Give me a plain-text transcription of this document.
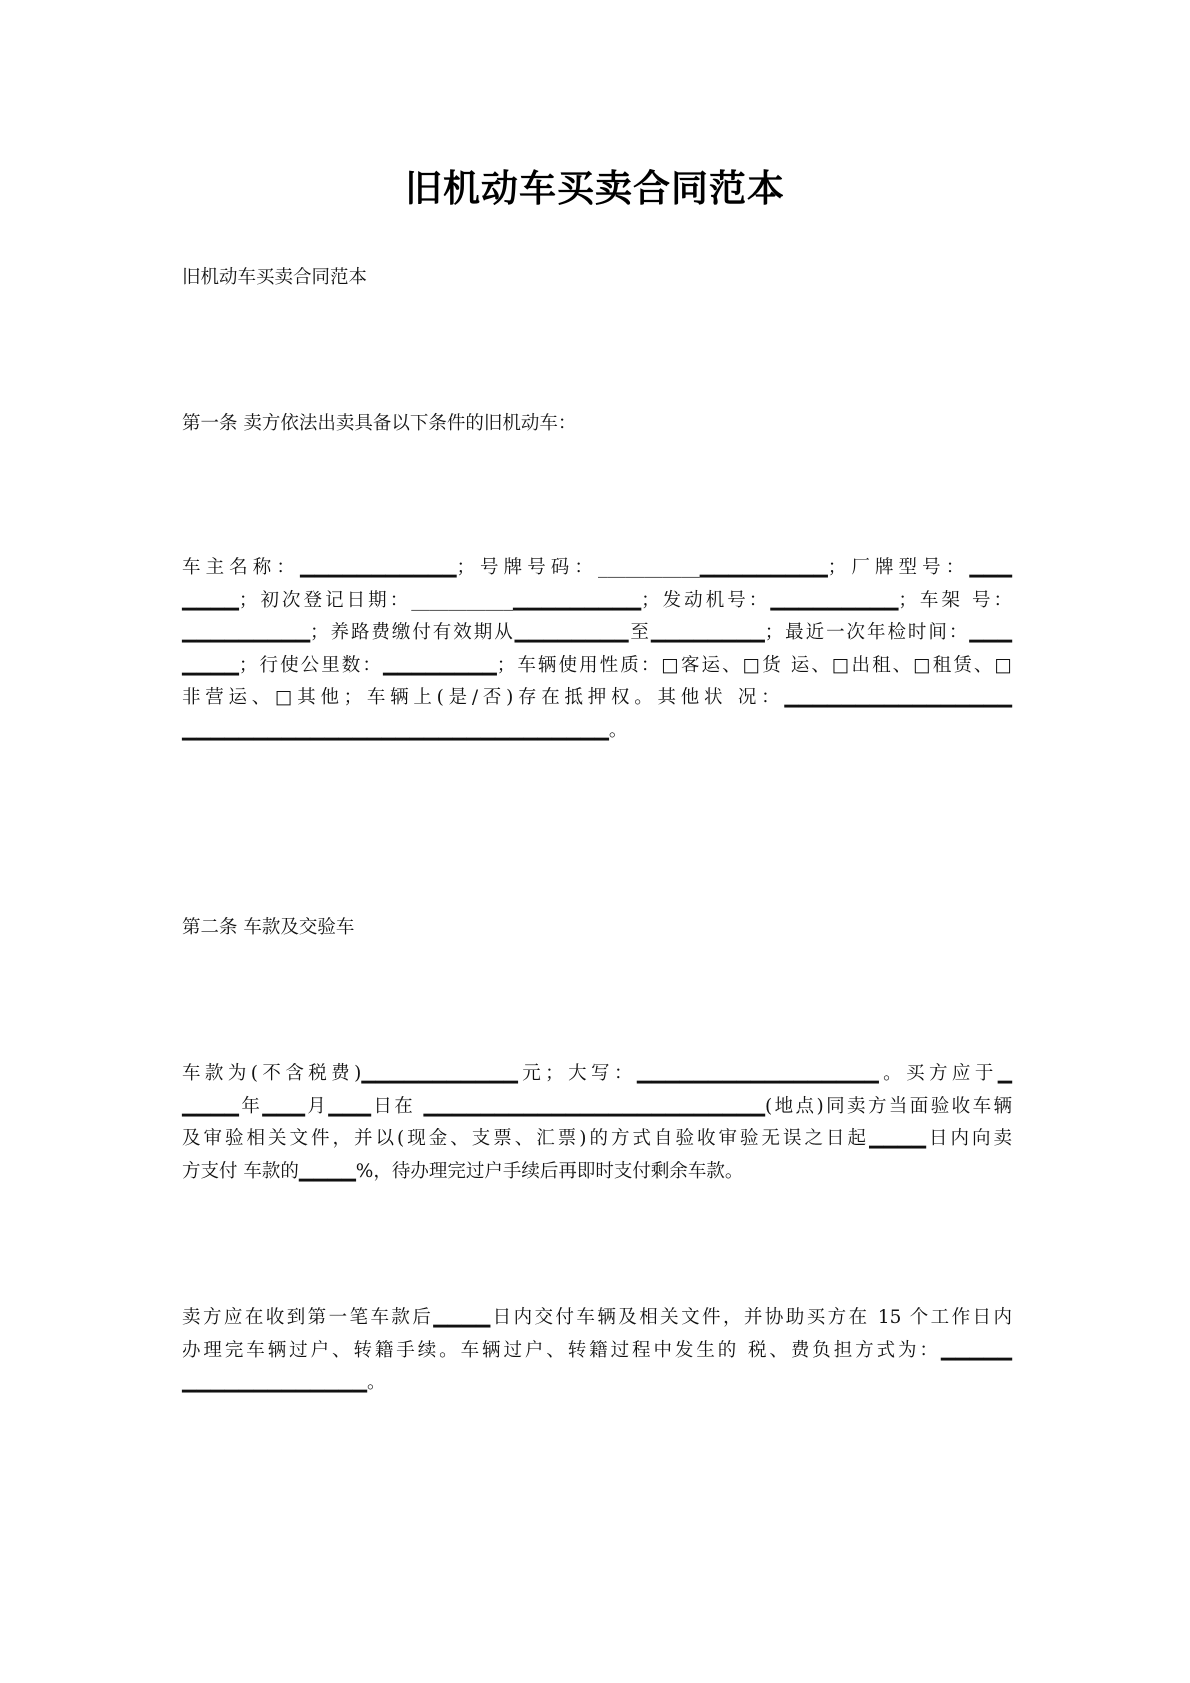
旧机动车买卖合同范本
旧机动车买卖合同范本
第一条 卖方依法出卖具备以下条件的旧机动车：
车主名称：▁▁▁▁▁▁▁▁▁▁▁；号牌号码：___________▁▁▁▁▁▁▁▁▁；厂牌型号：▁▁▁
▁▁▁▁；初次登记日期：___________▁▁▁▁▁▁▁▁▁；发动机号：▁▁▁▁▁▁▁▁▁；车架 号：
▁▁▁▁▁▁▁▁▁；养路费缴付有效期从▁▁▁▁▁▁▁▁至▁▁▁▁▁▁▁▁；最近一次年检时间：▁▁▁
▁▁▁▁；行使公里数：▁▁▁▁▁▁▁▁；车辆使用性质：□客运、□货 运、□出租、□租赁、□
非营运、□其他；车辆上(是/否)存在抵押权。其他状 况：▁▁▁▁▁▁▁▁▁▁▁▁▁▁▁▁
▁▁▁▁▁▁▁▁▁▁▁▁▁▁▁▁▁▁▁▁▁▁▁▁▁▁▁▁▁▁。
第二条 车款及交验车
车款为(不含税费)▁▁▁▁▁▁▁▁▁▁▁元；大写：▁▁▁▁▁▁▁▁▁▁▁▁▁▁▁▁▁。买方应于▁
▁▁▁▁年▁▁▁月▁▁▁日在 ▁▁▁▁▁▁▁▁▁▁▁▁▁▁▁▁▁▁▁▁▁▁▁▁(地点)同卖方当面验收车辆
及审验相关文件，并以(现金、支票、汇票)的方式自验收审验无误之日起▁▁▁▁日内向卖
方支付 车款的▁▁▁▁%，待办理完过户手续后再即时支付剩余车款。
卖方应在收到第一笔车款后▁▁▁▁日内交付车辆及相关文件，并协助买方在 15 个工作日内
办理完车辆过户、转籍手续。车辆过户、转籍过程中发生的 税、费负担方式为：▁▁▁▁▁
▁▁▁▁▁▁▁▁▁▁▁▁▁。
